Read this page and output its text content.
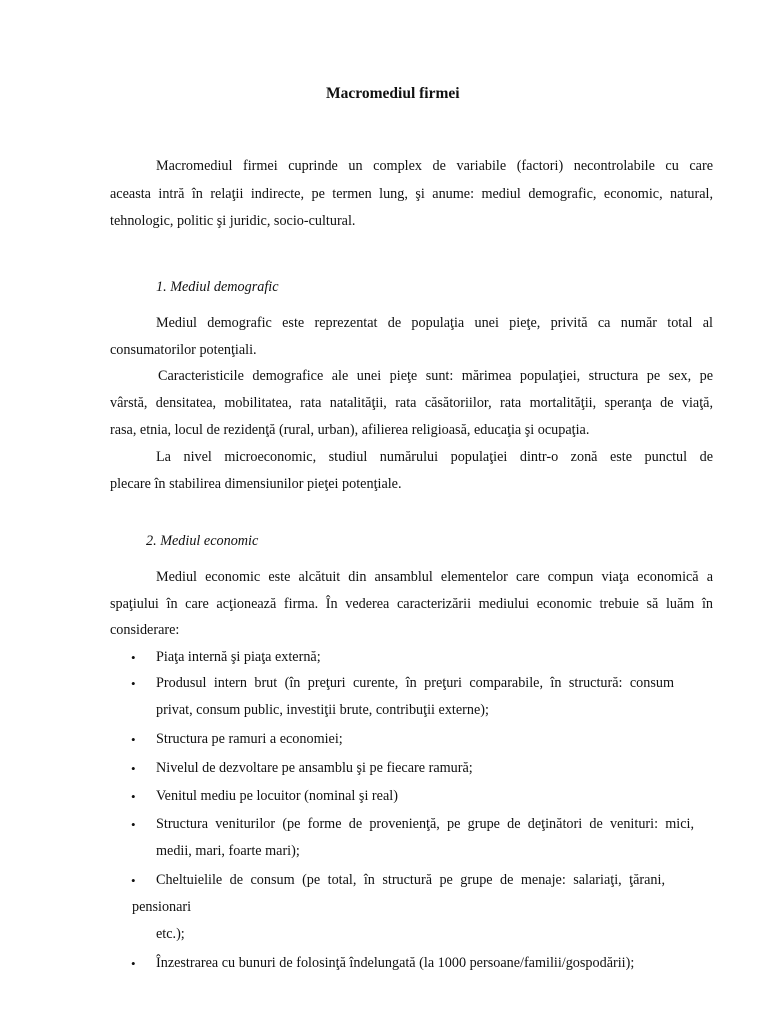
Macromediul firmei
Macromediul firmei cuprinde un complex de variabile (factori) necontrolabile cu care
aceasta intră în relaţii indirecte, pe termen lung, şi anume: mediul demografic, economic, natural,
tehnologic, politic şi juridic, socio-cultural.
1. Mediul demografic
Mediul demografic este reprezentat de populaţia unei pieţe, privită ca număr total al
consumatorilor potenţiali.
Caracteristicile demografice ale unei pieţe sunt: mărimea populaţiei, structura pe sex, pe
vârstă, densitatea, mobilitatea, rata natalităţii, rata căsătoriilor, rata mortalităţii, speranţa de viaţă,
rasa, etnia, locul de rezidenţă (rural, urban), afilierea religioasă, educaţia şi ocupaţia.
La nivel microeconomic, studiul numărului populaţiei dintr-o zonă este punctul de
plecare în stabilirea dimensiunilor pieţei potenţiale.
2. Mediul economic
Mediul economic este alcătuit din ansamblul elementelor care compun viaţa economică a
spaţiului în care acţionează firma. În vederea caracterizării mediului economic trebuie să luăm în
considerare:
• Piaţa internă şi piaţa externă;
• Produsul intern brut (în preţuri curente, în preţuri comparabile, în structură: consum
privat, consum public, investiţii brute, contribuţii externe);
• Structura pe ramuri a economiei;
• Nivelul de dezvoltare pe ansamblu şi pe fiecare ramură;
• Venitul mediu pe locuitor (nominal şi real)
• Structura veniturilor (pe forme de provenienţă, pe grupe de deţinători de venituri: mici,
medii, mari, foarte mari);
• Cheltuielile de consum (pe total, în structură pe grupe de menaje: salariaţi, ţărani,
pensionari
etc.);
• Înzestrarea cu bunuri de folosinţă îndelungată (la 1000 persoane/familii/gospodării);
